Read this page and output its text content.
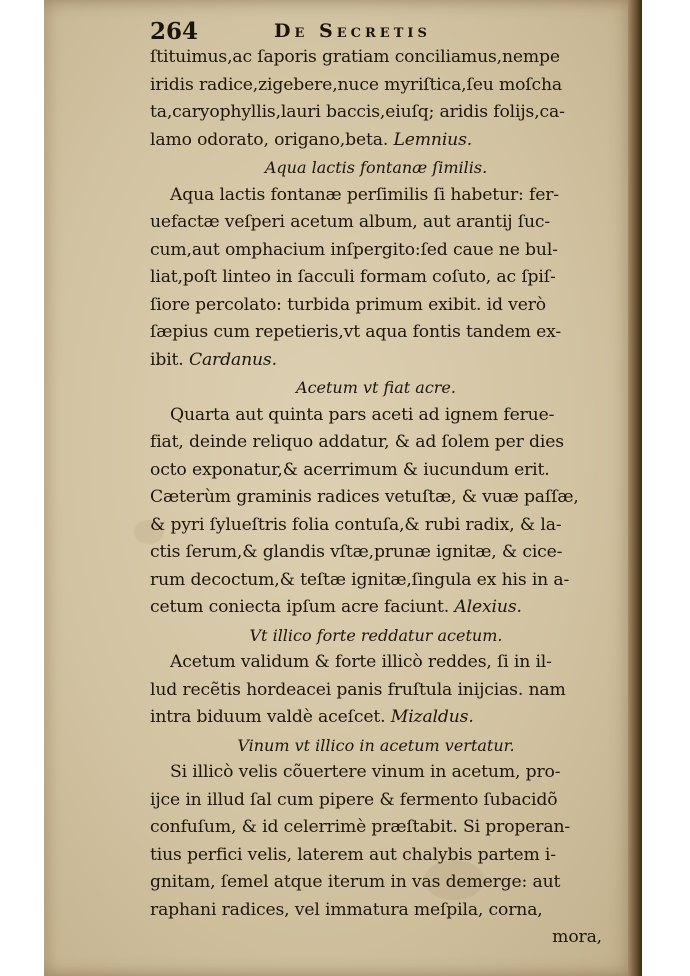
264	De Secretis
ſtituimus,ac ſaporis gratiam conciliamus,nempe
iridis radice,zigebere,nuce myriſtica,ſeu moſcha
ta,caryophyllis,lauri baccis,eiuſq; aridis folijs,ca-
lamo odorato, origano,beta. Lemnius.
Aqua lactis fontanæ ſimilis.
Aqua lactis fontanæ perſimilis ſi habetur: fer-
uefactæ veſperi acetum album, aut arantij ſuc-
cum,aut omphacium inſpergito:ſed caue ne bul-
liat,poſt linteo in ſacculi formam coſuto, ac ſpiſ-
ſiore percolato: turbida primum exibit. id verò
ſæpius cum repetieris,vt aqua fontis tandem ex-
ibit. Cardanus.
Acetum vt fiat acre.
Quarta aut quinta pars aceti ad ignem ferue-
fiat, deinde reliquo addatur, & ad ſolem per dies
octo exponatur,& acerrimum & iucundum erit.
Cæterùm graminis radices vetuſtæ, & vuæ paſſæ,
& pyri ſylueſtris folia contuſa,& rubi radix, & la-
ctis ſerum,& glandis vſtæ,prunæ ignitæ, & cice-
rum decoctum,& teſtæ ignitæ,ſingula ex his in a-
cetum coniecta ipſum acre faciunt. Alexius.
Vt illico forte reddatur acetum.
Acetum validum & forte illicò reddes, ſi in il-
lud recẽtis hordeacei panis fruſtula inijcias. nam
intra biduum valdè aceſcet. Mizaldus.
Vinum vt illico in acetum vertatur.
Si illicò velis cõuertere vinum in acetum, pro-
ijce in illud ſal cum pipere & fermento ſubacidõ
confuſum, & id celerrimè præſtabit. Si properan-
tius perfici velis, laterem aut chalybis partem i-
gnitam, ſemel atque iterum in vas demerge: aut
raphani radices, vel immatura meſpila, corna,
mora,
